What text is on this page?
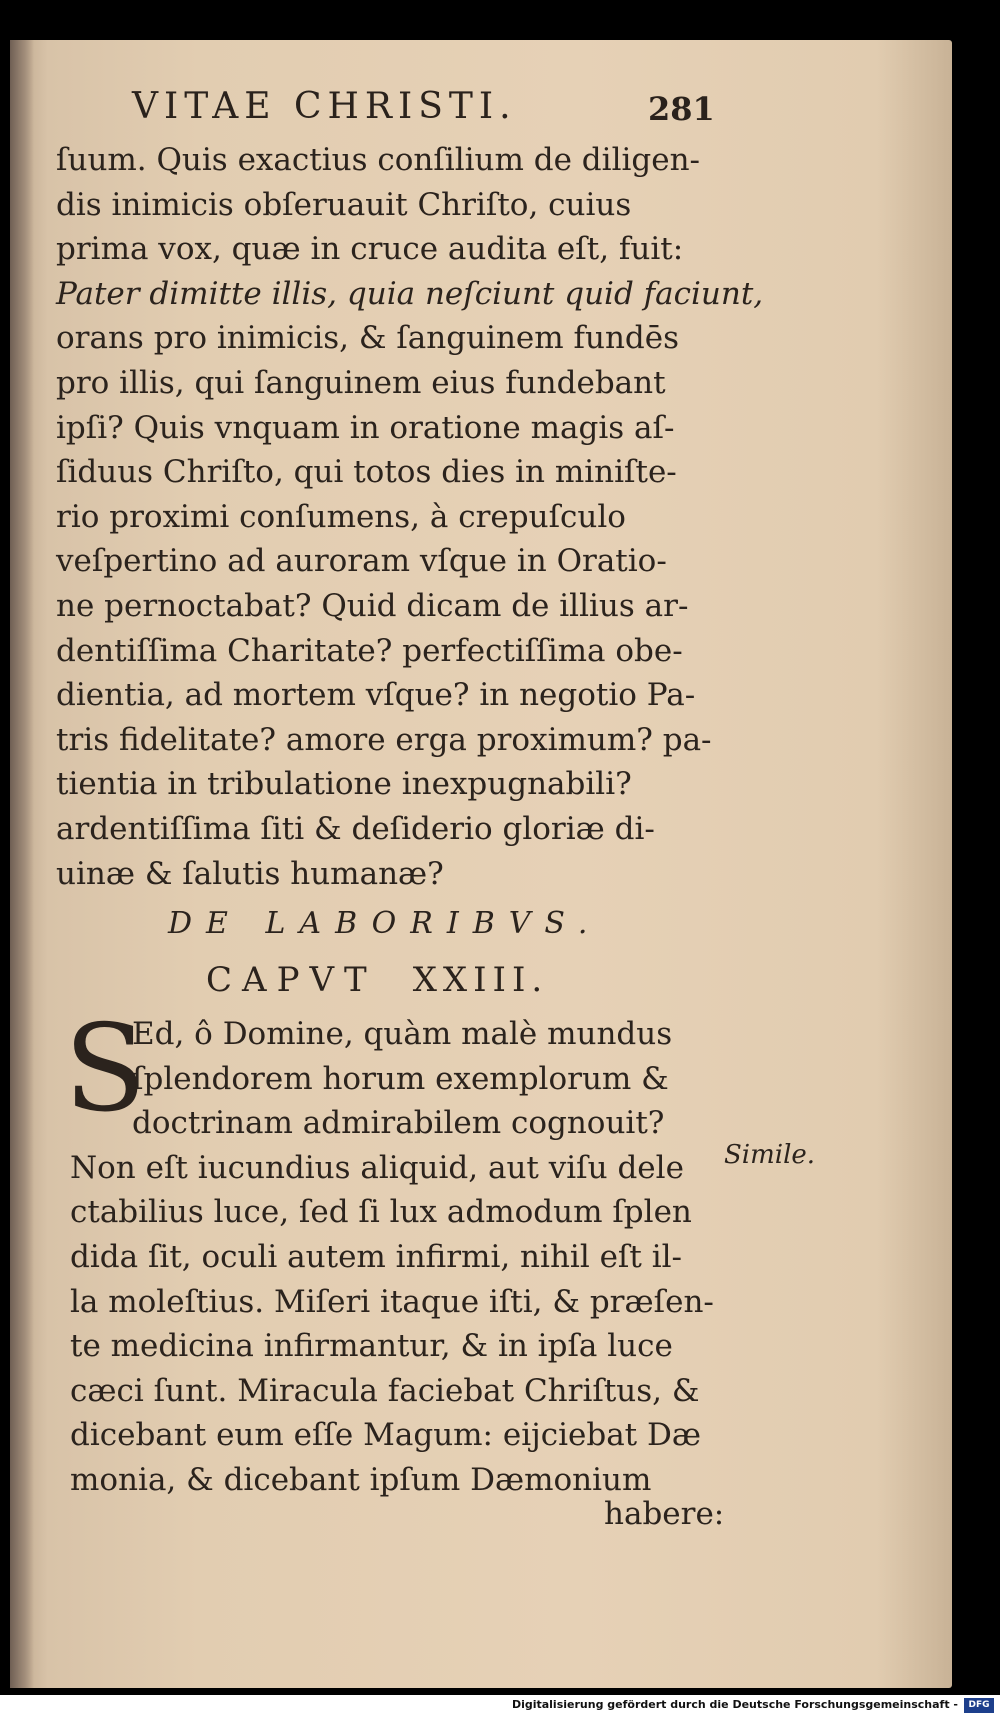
VITAE CHRISTI.	281
ſuum. Quis exactius conſilium de diligen-
dis inimicis obſeruauit Chriſto, cuius
prima vox, quæ in cruce audita eſt, fuit:
Pater dimitte illis, quia neſciunt quid faciunt,
orans pro inimicis, & ſanguinem fundēs
pro illis, qui ſanguinem eius fundebant
ipſi? Quis vnquam in oratione magis aſ-
ſiduus Chriſto, qui totos dies in miniſte-
rio proximi conſumens, à crepuſculo
veſpertino ad auroram vſque in Oratio-
ne pernoctabat? Quid dicam de illius ar-
dentiſſima Charitate? perfectiſſima obe-
dientia, ad mortem vſque? in negotio Pa-
tris fidelitate? amore erga proximum? pa-
tientia in tribulatione inexpugnabili?
ardentiſſima ſiti & deſiderio gloriæ di-
uinæ & ſalutis humanæ?
DE LABORIBVS.
CAPVT XXIII.
S
Ed, ô Domine, quàm malè mundus
ſplendorem horum exemplorum &
doctrinam admirabilem cognouit?
Non eſt iucundius aliquid, aut viſu dele
ctabilius luce, ſed ſi lux admodum ſplen
dida ſit, oculi autem infirmi, nihil eſt il-
la moleſtius. Miſeri itaque iſti, & præſen-
te medicina infirmantur, & in ipſa luce
cæci ſunt. Miracula faciebat Chriſtus, &
dicebant eum eſſe Magum: eijciebat Dæ
monia, & dicebant ipſum Dæmonium
habere:
Simile.
Digitalisierung gefördert durch die Deutsche Forschungsgemeinschaft -	DFG
